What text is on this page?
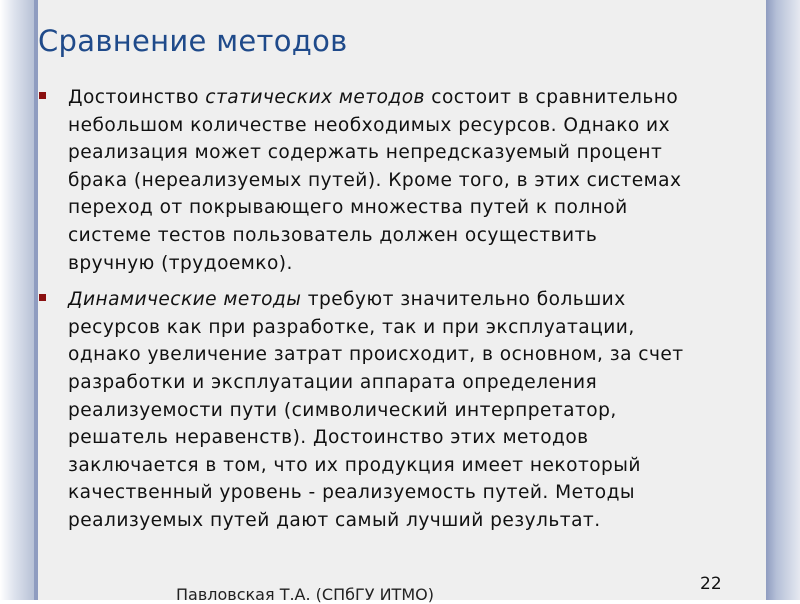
Сравнение методов
Достоинство статических методов состоит в сравнительно
небольшом количестве необходимых ресурсов. Однако их
реализация может содержать непредсказуемый процент
брака (нереализуемых путей). Кроме того, в этих системах
переход от покрывающего множества путей к полной
системе тестов пользователь должен осуществить
вручную (трудоемко).
Динамические методы требуют значительно больших
ресурсов как при разработке, так и при эксплуатации,
однако увеличение затрат происходит, в основном, за счет
разработки и эксплуатации аппарата определения
реализуемости пути (символический интерпретатор,
решатель неравенств). Достоинство этих методов
заключается в том, что их продукция имеет некоторый
качественный уровень - реализуемость путей. Методы
реализуемых путей дают самый лучший результат.
Павловская Т.А. (СПбГУ ИТМО)
22
